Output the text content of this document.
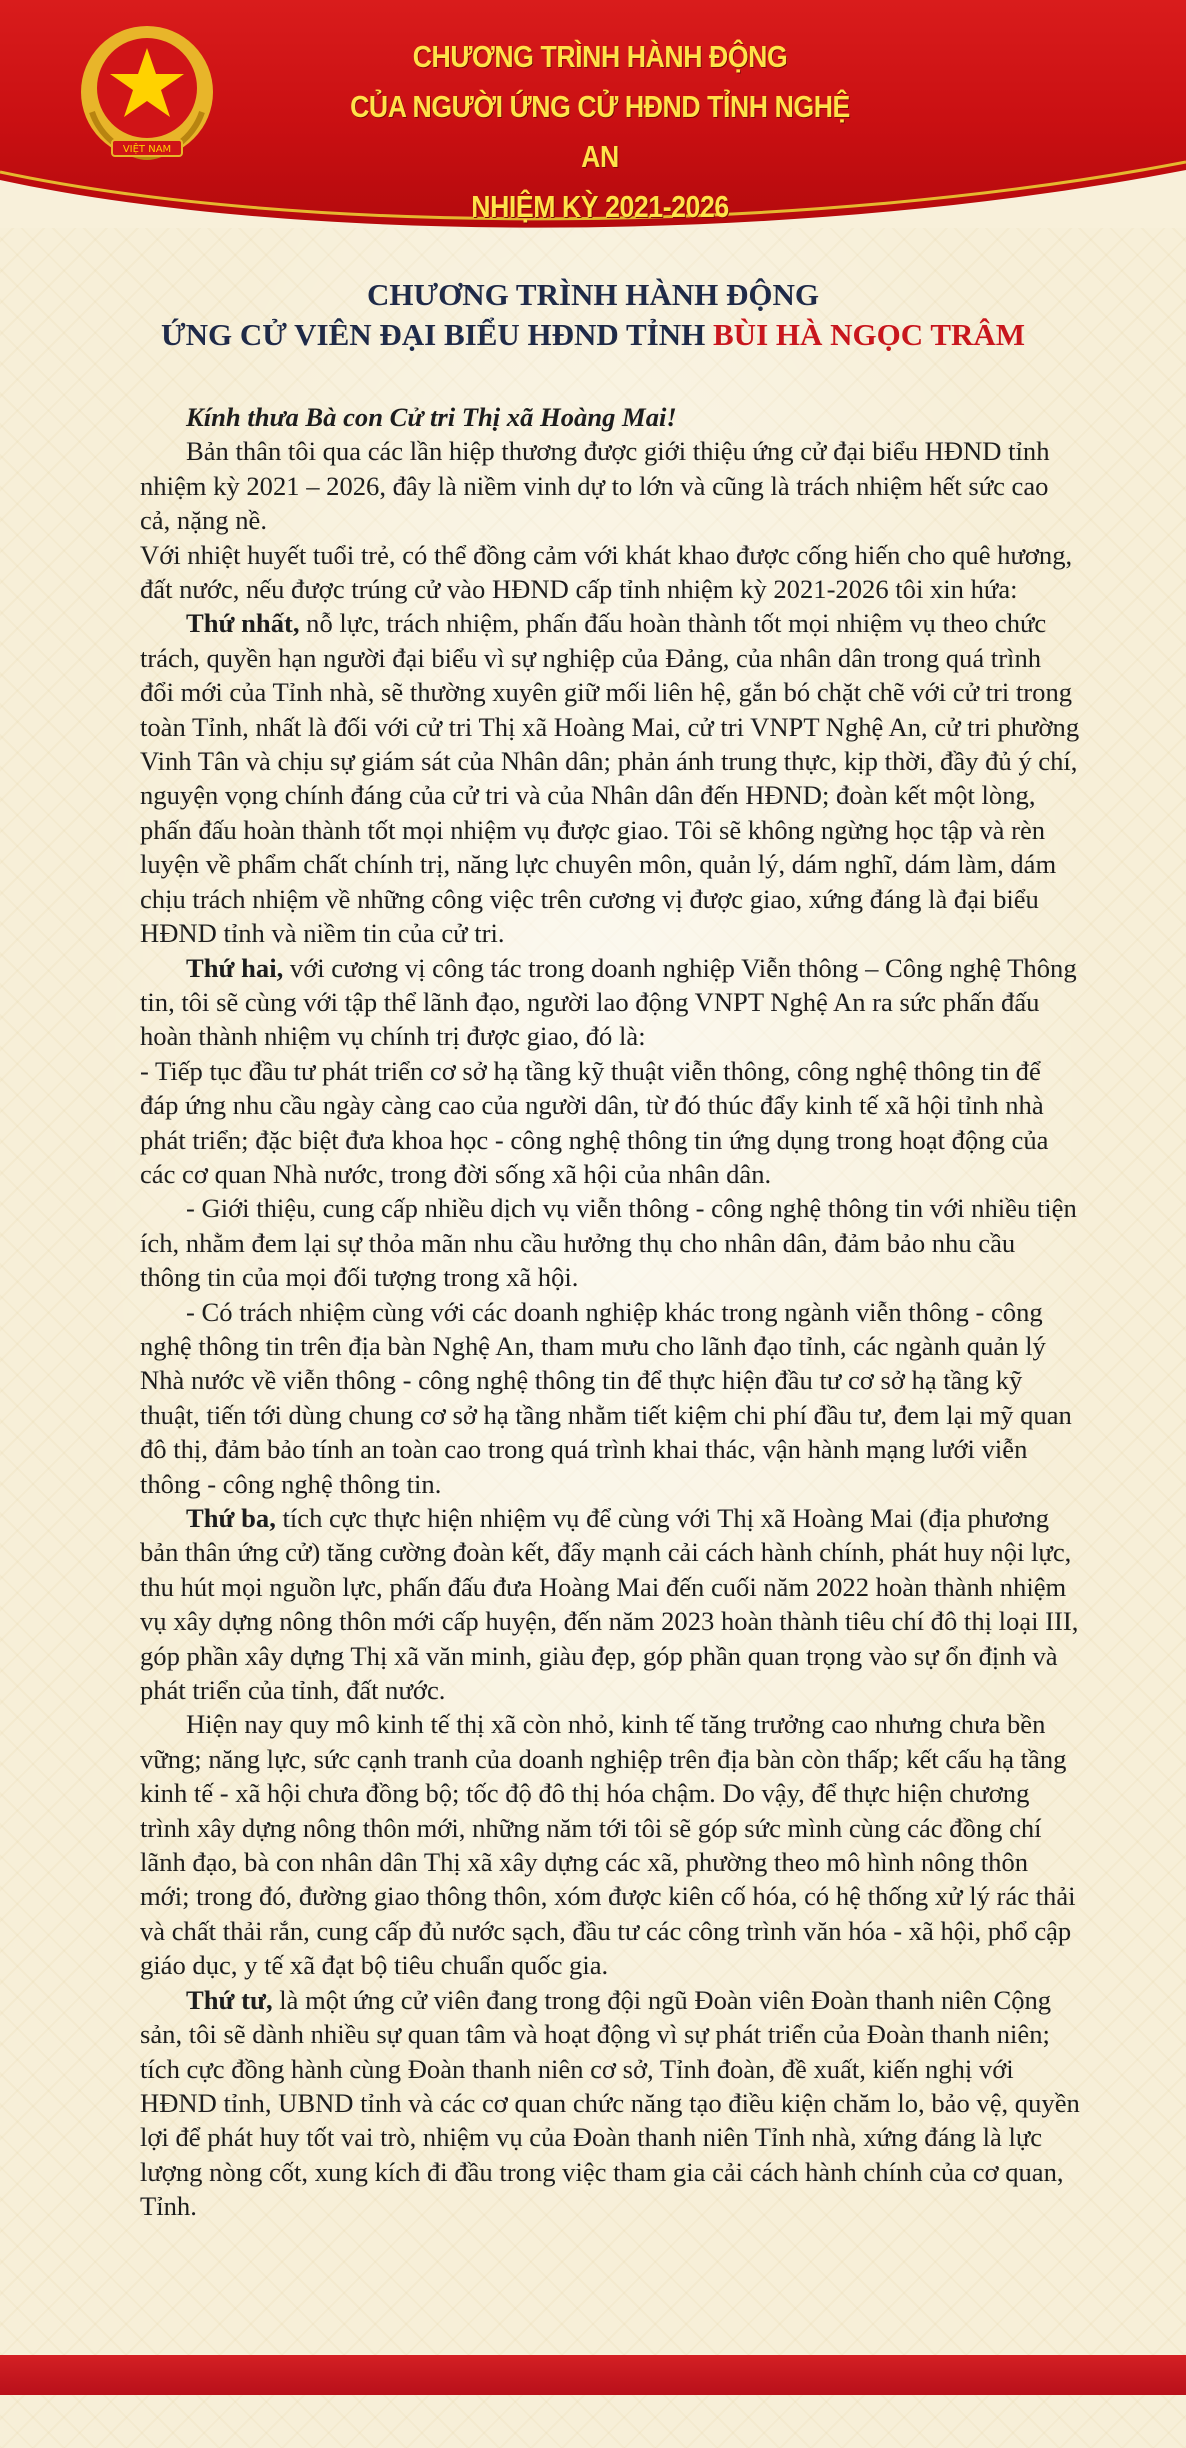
VIỆT NAM
CHƯƠNG TRÌNH HÀNH ĐỘNG
CỦA NGƯỜI ỨNG CỬ HĐND TỈNH NGHỆ AN
NHIỆM KỲ 2021-2026
CHƯƠNG TRÌNH HÀNH ĐỘNG
ỨNG CỬ VIÊN ĐẠI BIỂU HĐND TỈNH BÙI HÀ NGỌC TRÂM

Kính thưa Bà con Cử tri Thị xã Hoàng Mai!

Bản thân tôi qua các lần hiệp thương được giới thiệu ứng cử đại biểu HĐND tỉnh nhiệm kỳ 2021 – 2026, đây là niềm vinh dự to lớn và cũng là trách nhiệm hết sức cao cả, nặng nề.

Với nhiệt huyết tuổi trẻ, có thể đồng cảm với khát khao được cống hiến cho quê hương, đất nước, nếu được trúng cử vào HĐND cấp tỉnh nhiệm kỳ 2021-2026 tôi xin hứa:

Thứ nhất, nỗ lực, trách nhiệm, phấn đấu hoàn thành tốt mọi nhiệm vụ theo chức trách, quyền hạn người đại biểu vì sự nghiệp của Đảng, của nhân dân trong quá trình đổi mới của Tỉnh nhà, sẽ thường xuyên giữ mối liên hệ, gắn bó chặt chẽ với cử tri trong toàn Tỉnh, nhất là đối với cử tri Thị xã Hoàng Mai, cử tri VNPT Nghệ An, cử tri phường Vinh Tân và chịu sự giám sát của Nhân dân; phản ánh trung thực, kịp thời, đầy đủ ý chí, nguyện vọng chính đáng của cử tri và của Nhân dân đến HĐND; đoàn kết một lòng, phấn đấu hoàn thành tốt mọi nhiệm vụ được giao. Tôi sẽ không ngừng học tập và rèn luyện về phẩm chất chính trị, năng lực chuyên môn, quản lý, dám nghĩ, dám làm, dám chịu trách nhiệm về những công việc trên cương vị được giao, xứng đáng là đại biểu HĐND tỉnh và niềm tin của cử tri.

Thứ hai, với cương vị công tác trong doanh nghiệp Viễn thông – Công nghệ Thông tin, tôi sẽ cùng với tập thể lãnh đạo, người lao động VNPT Nghệ An ra sức phấn đấu hoàn thành nhiệm vụ chính trị được giao, đó là:

- Tiếp tục đầu tư phát triển cơ sở hạ tầng kỹ thuật viễn thông, công nghệ thông tin để đáp ứng nhu cầu ngày càng cao của người dân, từ đó thúc đẩy kinh tế xã hội tỉnh nhà phát triển; đặc biệt đưa khoa học - công nghệ thông tin ứng dụng trong hoạt động của các cơ quan Nhà nước, trong đời sống xã hội của nhân dân.

- Giới thiệu, cung cấp nhiều dịch vụ viễn thông - công nghệ thông tin với nhiều tiện ích, nhằm đem lại sự thỏa mãn nhu cầu hưởng thụ cho nhân dân, đảm bảo nhu cầu thông tin của mọi đối tượng trong xã hội.

- Có trách nhiệm cùng với các doanh nghiệp khác trong ngành viễn thông - công nghệ thông tin trên địa bàn Nghệ An, tham mưu cho lãnh đạo tỉnh, các ngành quản lý Nhà nước về viễn thông - công nghệ thông tin để thực hiện đầu tư cơ sở hạ tầng kỹ thuật, tiến tới dùng chung cơ sở hạ tầng nhằm tiết kiệm chi phí đầu tư, đem lại mỹ quan đô thị, đảm bảo tính an toàn cao trong quá trình khai thác, vận hành mạng lưới viễn thông - công nghệ thông tin.

Thứ ba, tích cực thực hiện nhiệm vụ để cùng với Thị xã Hoàng Mai (địa phương bản thân ứng cử) tăng cường đoàn kết, đẩy mạnh cải cách hành chính, phát huy nội lực, thu hút mọi nguồn lực, phấn đấu đưa Hoàng Mai đến cuối năm 2022 hoàn thành nhiệm vụ xây dựng nông thôn mới cấp huyện, đến năm 2023 hoàn thành tiêu chí đô thị loại III, góp phần xây dựng Thị xã văn minh, giàu đẹp, góp phần quan trọng vào sự ổn định và phát triển của tỉnh, đất nước.

Hiện nay quy mô kinh tế thị xã còn nhỏ, kinh tế tăng trưởng cao nhưng chưa bền vững; năng lực, sức cạnh tranh của doanh nghiệp trên địa bàn còn thấp; kết cấu hạ tầng kinh tế - xã hội chưa đồng bộ; tốc độ đô thị hóa chậm. Do vậy, để thực hiện chương trình xây dựng nông thôn mới, những năm tới tôi sẽ góp sức mình cùng các đồng chí lãnh đạo, bà con nhân dân Thị xã xây dựng các xã, phường theo mô hình nông thôn mới; trong đó, đường giao thông thôn, xóm được kiên cố hóa, có hệ thống xử lý rác thải và chất thải rắn, cung cấp đủ nước sạch, đầu tư các công trình văn hóa - xã hội, phổ cập giáo dục, y tế xã đạt bộ tiêu chuẩn quốc gia.

Thứ tư, là một ứng cử viên đang trong đội ngũ Đoàn viên Đoàn thanh niên Cộng sản, tôi sẽ dành nhiều sự quan tâm và hoạt động vì sự phát triển của Đoàn thanh niên; tích cực đồng hành cùng Đoàn thanh niên cơ sở, Tỉnh đoàn, đề xuất, kiến nghị với HĐND tỉnh, UBND tỉnh và các cơ quan chức năng tạo điều kiện chăm lo, bảo vệ, quyền lợi để phát huy tốt vai trò, nhiệm vụ của Đoàn thanh niên Tỉnh nhà, xứng đáng là lực lượng nòng cốt, xung kích đi đầu trong việc tham gia cải cách hành chính của cơ quan, Tỉnh.
